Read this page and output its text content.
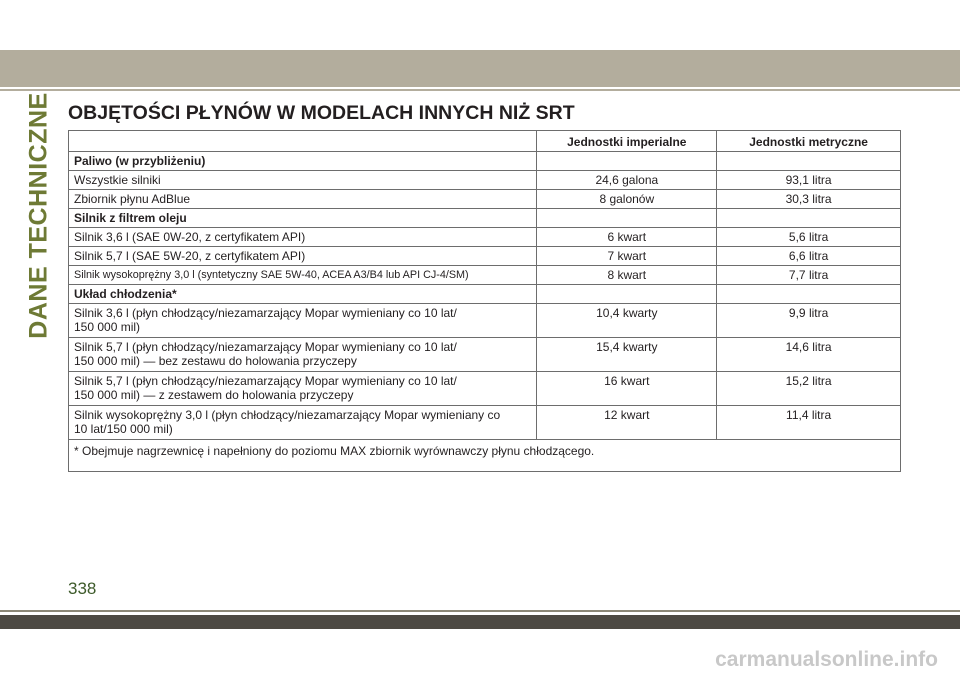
DANE TECHNICZNE OBJĘTOŚCI PŁYNÓW W MODELACH INNYCH NIŻ SRT
	Jednostki imperialne	Jednostki metryczne
Paliwo (w przybliżeniu)		
Wszystkie silniki	24,6 galona	93,1 litra
Zbiornik płynu AdBlue	8 galonów	30,3 litra
Silnik z filtrem oleju		
Silnik 3,6 l (SAE 0W-20, z certyfikatem API)	6 kwart	5,6 litra
Silnik 5,7 l (SAE 5W-20, z certyfikatem API)	7 kwart	6,6 litra
Silnik wysokoprężny 3,0 l (syntetyczny SAE 5W-40, ACEA A3/B4 lub API CJ-4/SM)	8 kwart	7,7 litra
Układ chłodzenia*		
Silnik 3,6 l (płyn chłodzący/niezamarzający Mopar wymieniany co 10 lat/
150 000 mil)	10,4 kwarty	9,9 litra
Silnik 5,7 l (płyn chłodzący/niezamarzający Mopar wymieniany co 10 lat/
150 000 mil) — bez zestawu do holowania przyczepy	15,4 kwarty	14,6 litra
Silnik 5,7 l (płyn chłodzący/niezamarzający Mopar wymieniany co 10 lat/
150 000 mil) — z zestawem do holowania przyczepy	16 kwart	15,2 litra
Silnik wysokoprężny 3,0 l (płyn chłodzący/niezamarzający Mopar wymieniany co
10 lat/150 000 mil)	12 kwart	11,4 litra
* Obejmuje nagrzewnicę i napełniony do poziomu MAX zbiornik wyrównawczy płynu chłodzącego.		
338
carmanualsonline.info
